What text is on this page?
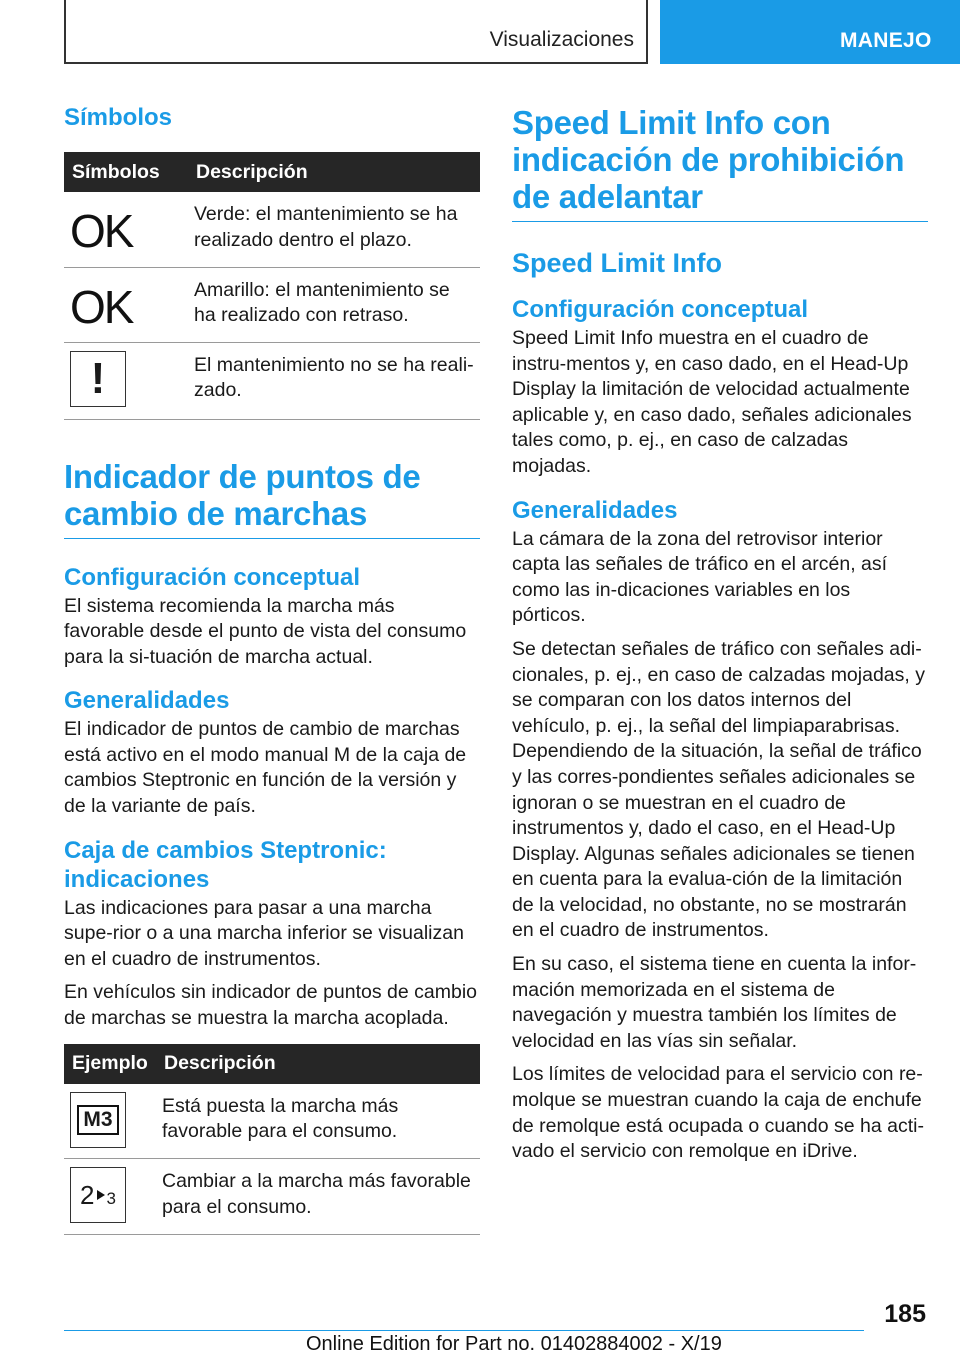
Visualizaciones	MANEJO
Símbolos
Símbolos	Descripción
OK	Verde: el mantenimiento se ha realizado dentro el plazo.
OK	Amarillo: el mantenimiento se ha realizado con retraso.

!	El mantenimiento no se ha reali-zado.
Indicador de puntos de cambio de marchas
Configuración conceptual
El sistema recomienda la marcha más favorable desde el punto de vista del consumo para la si-tuación de marcha actual.
Generalidades
El indicador de puntos de cambio de marchas está activo en el modo manual M de la caja de cambios Steptronic en función de la versión y de la variante de país.
Caja de cambios Steptronic: indicaciones
Las indicaciones para pasar a una marcha supe-rior o a una marcha inferior se visualizan en el cuadro de instrumentos.
En vehículos sin indicador de puntos de cambio de marchas se muestra la marcha acoplada.
Ejemplo	Descripción

M3	Está puesta la marcha más favorable para el consumo.

2 3	Cambiar a la marcha más favorable para el consumo.
Speed Limit Info con indicación de prohibición de adelantar
Speed Limit Info
Configuración conceptual
Speed Limit Info muestra en el cuadro de instru-mentos y, en caso dado, en el Head-Up Display la limitación de velocidad actualmente aplicable y, en caso dado, señales adicionales tales como, p. ej., en caso de calzadas mojadas.
Generalidades
La cámara de la zona del retrovisor interior capta las señales de tráfico en el arcén, así como las in-dicaciones variables en los pórticos.
Se detectan señales de tráfico con señales adi-cionales, p. ej., en caso de calzadas mojadas, y se comparan con los datos internos del vehículo, p. ej., la señal del limpiaparabrisas. Dependiendo de la situación, la señal de tráfico y las corres-pondientes señales adicionales se ignoran o se muestran en el cuadro de instrumentos y, dado el caso, en el Head-Up Display. Algunas señales adicionales se tienen en cuenta para la evalua-ción de la limitación de la velocidad, no obstante, no se mostrarán en el cuadro de instrumentos.
En su caso, el sistema tiene en cuenta la infor-mación memorizada en el sistema de navegación y muestra también los límites de velocidad en las vías sin señalar.
Los límites de velocidad para el servicio con re-molque se muestran cuando la caja de enchufe de remolque está ocupada o cuando se ha acti-vado el servicio con remolque en iDrive.
185
Online Edition for Part no. 01402884002 - X/19
